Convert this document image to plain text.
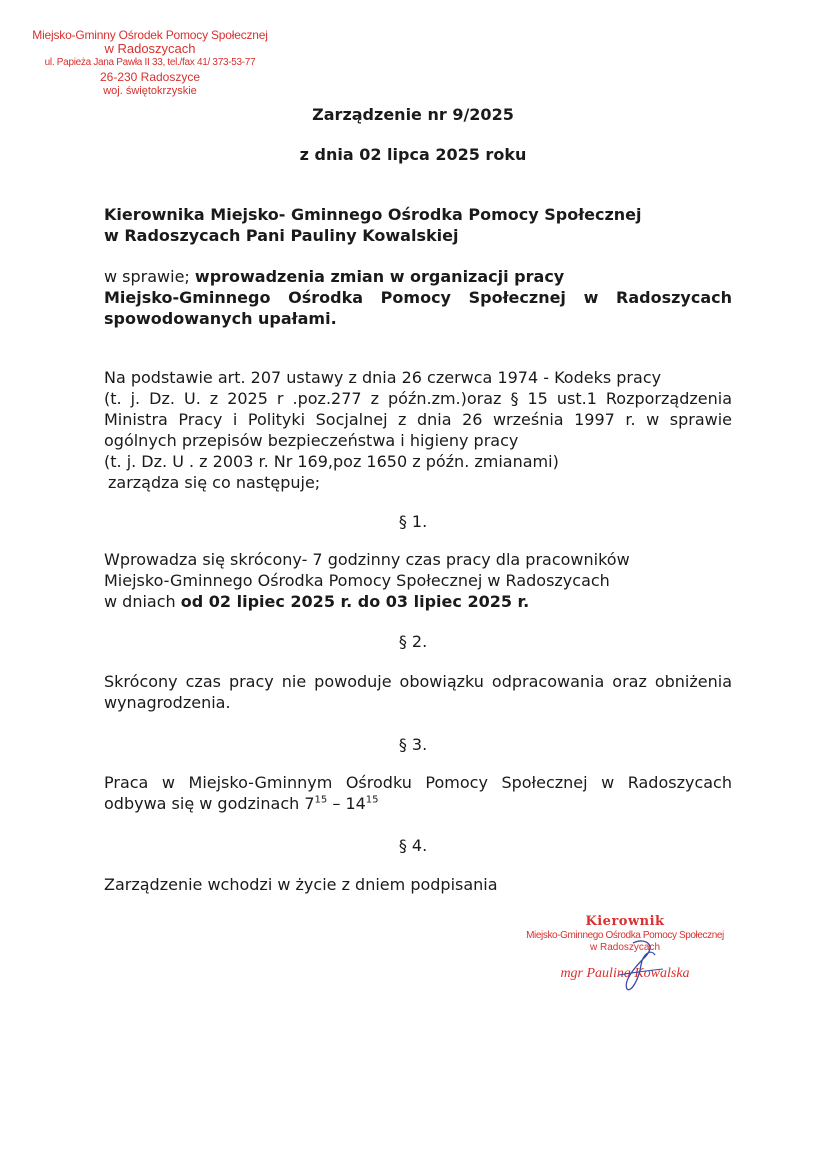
Miejsko-Gminny Ośrodek Pomocy Społecznej
w Radoszycach
ul. Papieża Jana Pawła II 33, tel./fax 41/ 373-53-77
26-230 Radoszyce
woj. świętokrzyskie
Zarządzenie nr 9/2025
z dnia 02 lipca 2025 roku
Kierownika Miejsko- Gminnego Ośrodka Pomocy Społecznej
w Radoszycach Pani Pauliny Kowalskiej
w sprawie; wprowadzenia zmian w organizacji pracy
Miejsko-Gminnego Ośrodka Pomocy Społecznej w Radoszycach spowodowanych upałami.
Na podstawie art. 207 ustawy z dnia 26 czerwca 1974 - Kodeks pracy
(t. j. Dz. U. z 2025 r .poz.277 z późn.zm.)oraz § 15 ust.1 Rozporządzenia Ministra Pracy i Polityki Socjalnej z dnia 26 września 1997 r. w sprawie ogólnych przepisów bezpieczeństwa i higieny pracy
(t. j. Dz. U . z 2003 r. Nr 169,poz 1650 z późn. zmianami)
zarządza się co następuje;
§ 1.
Wprowadza się skrócony- 7 godzinny czas pracy dla pracowników
Miejsko-Gminnego Ośrodka Pomocy Społecznej w Radoszycach
w dniach od 02 lipiec 2025 r. do 03 lipiec 2025 r.
§ 2.
Skrócony czas pracy nie powoduje obowiązku odpracowania oraz obniżenia wynagrodzenia.
§ 3.
Praca w Miejsko-Gminnym Ośrodku Pomocy Społecznej w Radoszycach odbywa się w godzinach $7^{15} - 14^{15}$
§ 4.
Zarządzenie wchodzi w życie z dniem podpisania
Kierownik
Miejsko-Gminnego Ośrodka Pomocy Społecznej
w Radoszycach
mgr Paulina Kowalska
